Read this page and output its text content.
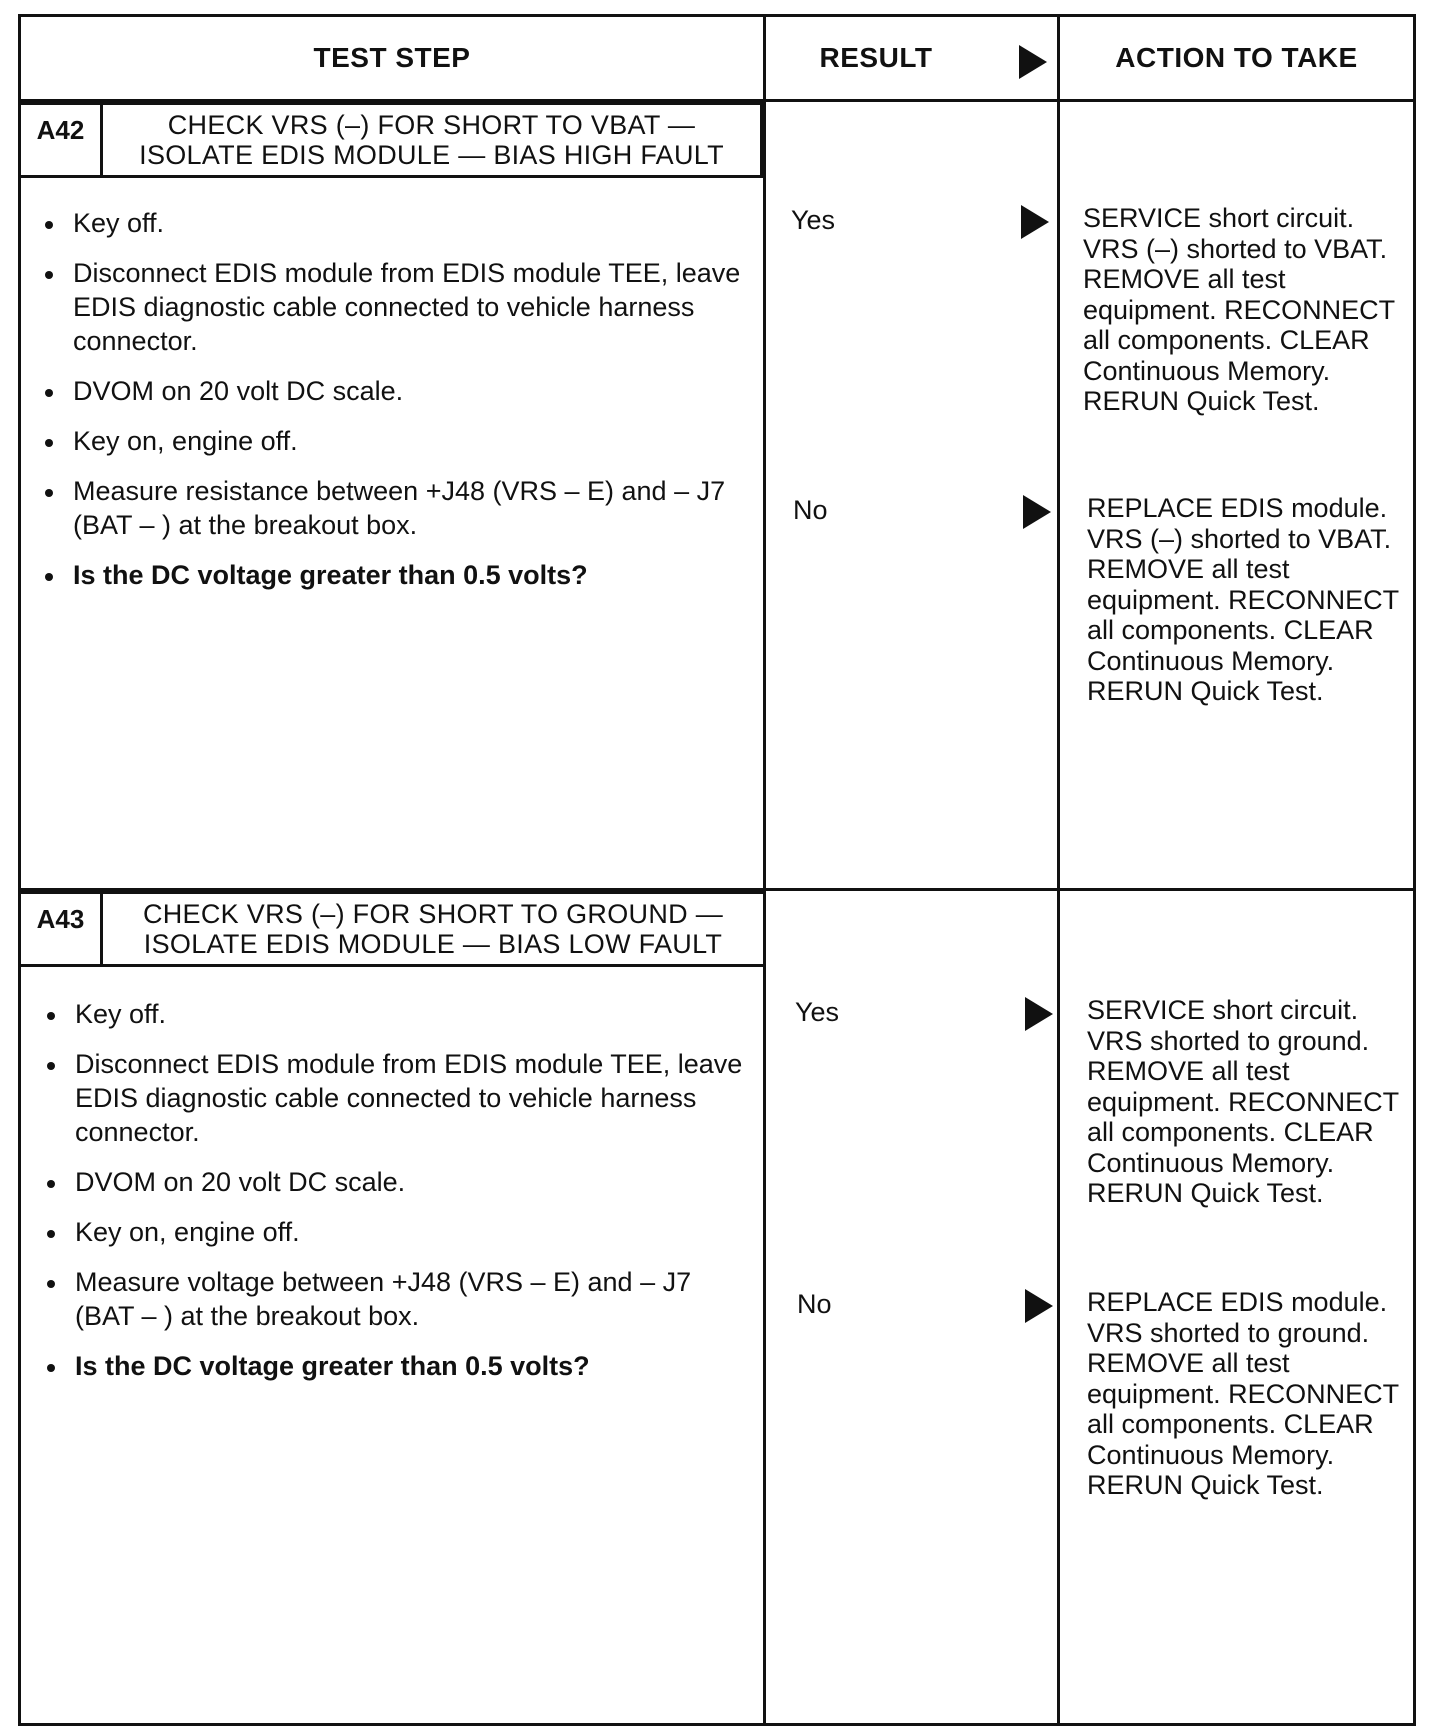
TEST STEP	RESULT	ACTION TO TAKE
A42	CHECK VRS (–) FOR SHORT TO VBAT —
ISOLATE EDIS MODULE — BIAS HIGH FAULT
Key off.
Disconnect EDIS module from EDIS module TEE, leave EDIS diagnostic cable connected to vehicle harness connector.
DVOM on 20 volt DC scale.
Key on, engine off.
Measure resistance between +J48 (VRS – E) and – J7 (BAT – ) at the breakout box.
Is the DC voltage greater than 0.5 volts?
Yes	SERVICE short circuit. VRS (–) shorted to VBAT. REMOVE all test equipment. RECONNECT all components. CLEAR Continuous Memory. RERUN Quick Test.
No	REPLACE EDIS module. VRS (–) shorted to VBAT. REMOVE all test equipment. RECONNECT all components. CLEAR Continuous Memory. RERUN Quick Test.
A43	CHECK VRS (–) FOR SHORT TO GROUND —
ISOLATE EDIS MODULE — BIAS LOW FAULT
Key off.
Disconnect EDIS module from EDIS module TEE, leave EDIS diagnostic cable connected to vehicle harness connector.
DVOM on 20 volt DC scale.
Key on, engine off.
Measure voltage between +J48 (VRS – E) and – J7 (BAT – ) at the breakout box.
Is the DC voltage greater than 0.5 volts?
Yes	SERVICE short circuit. VRS shorted to ground. REMOVE all test equipment. RECONNECT all components. CLEAR Continuous Memory. RERUN Quick Test.
No	REPLACE EDIS module. VRS shorted to ground. REMOVE all test equipment. RECONNECT all components. CLEAR Continuous Memory. RERUN Quick Test.
